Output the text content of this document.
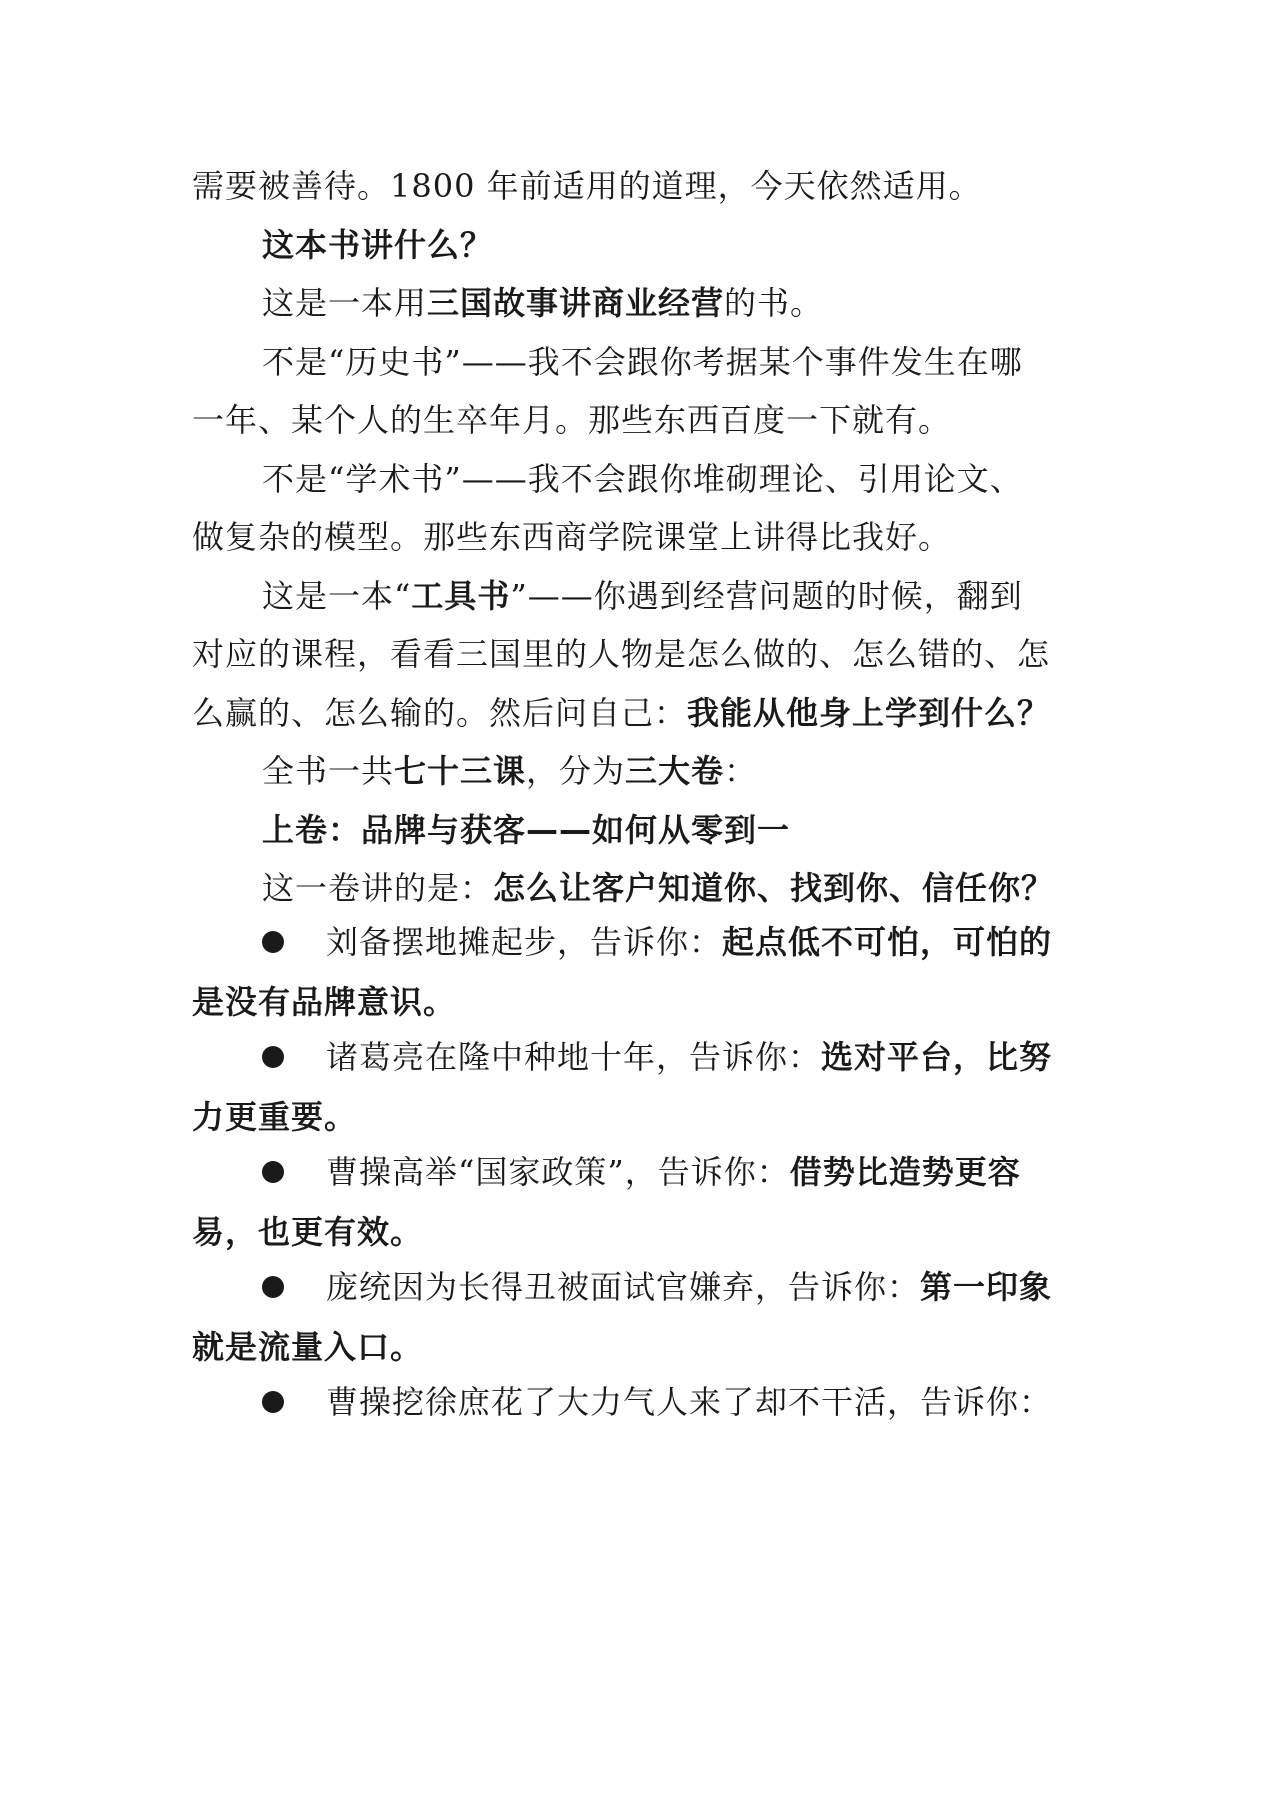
需要被善待。1800 年前适用的道理，今天依然适用。
这本书讲什么？
这是一本用三国故事讲商业经营的书。
不是“历史书”——我不会跟你考据某个事件发生在哪
一年、某个人的生卒年月。那些东西百度一下就有。
不是“学术书”——我不会跟你堆砌理论、引用论文、
做复杂的模型。那些东西商学院课堂上讲得比我好。
这是一本“工具书”——你遇到经营问题的时候，翻到
对应的课程，看看三国里的人物是怎么做的、怎么错的、怎
么赢的、怎么输的。然后问自己：我能从他身上学到什么？
全书一共七十三课，分为三大卷：
上卷：品牌与获客——如何从零到一
这一卷讲的是：怎么让客户知道你、找到你、信任你？
刘备摆地摊起步，告诉你：起点低不可怕，可怕的
是没有品牌意识。
诸葛亮在隆中种地十年，告诉你：选对平台，比努
力更重要。
曹操高举“国家政策”，告诉你：借势比造势更容
易，也更有效。
庞统因为长得丑被面试官嫌弃，告诉你：第一印象
就是流量入口。
曹操挖徐庶花了大力气人来了却不干活，告诉你：
